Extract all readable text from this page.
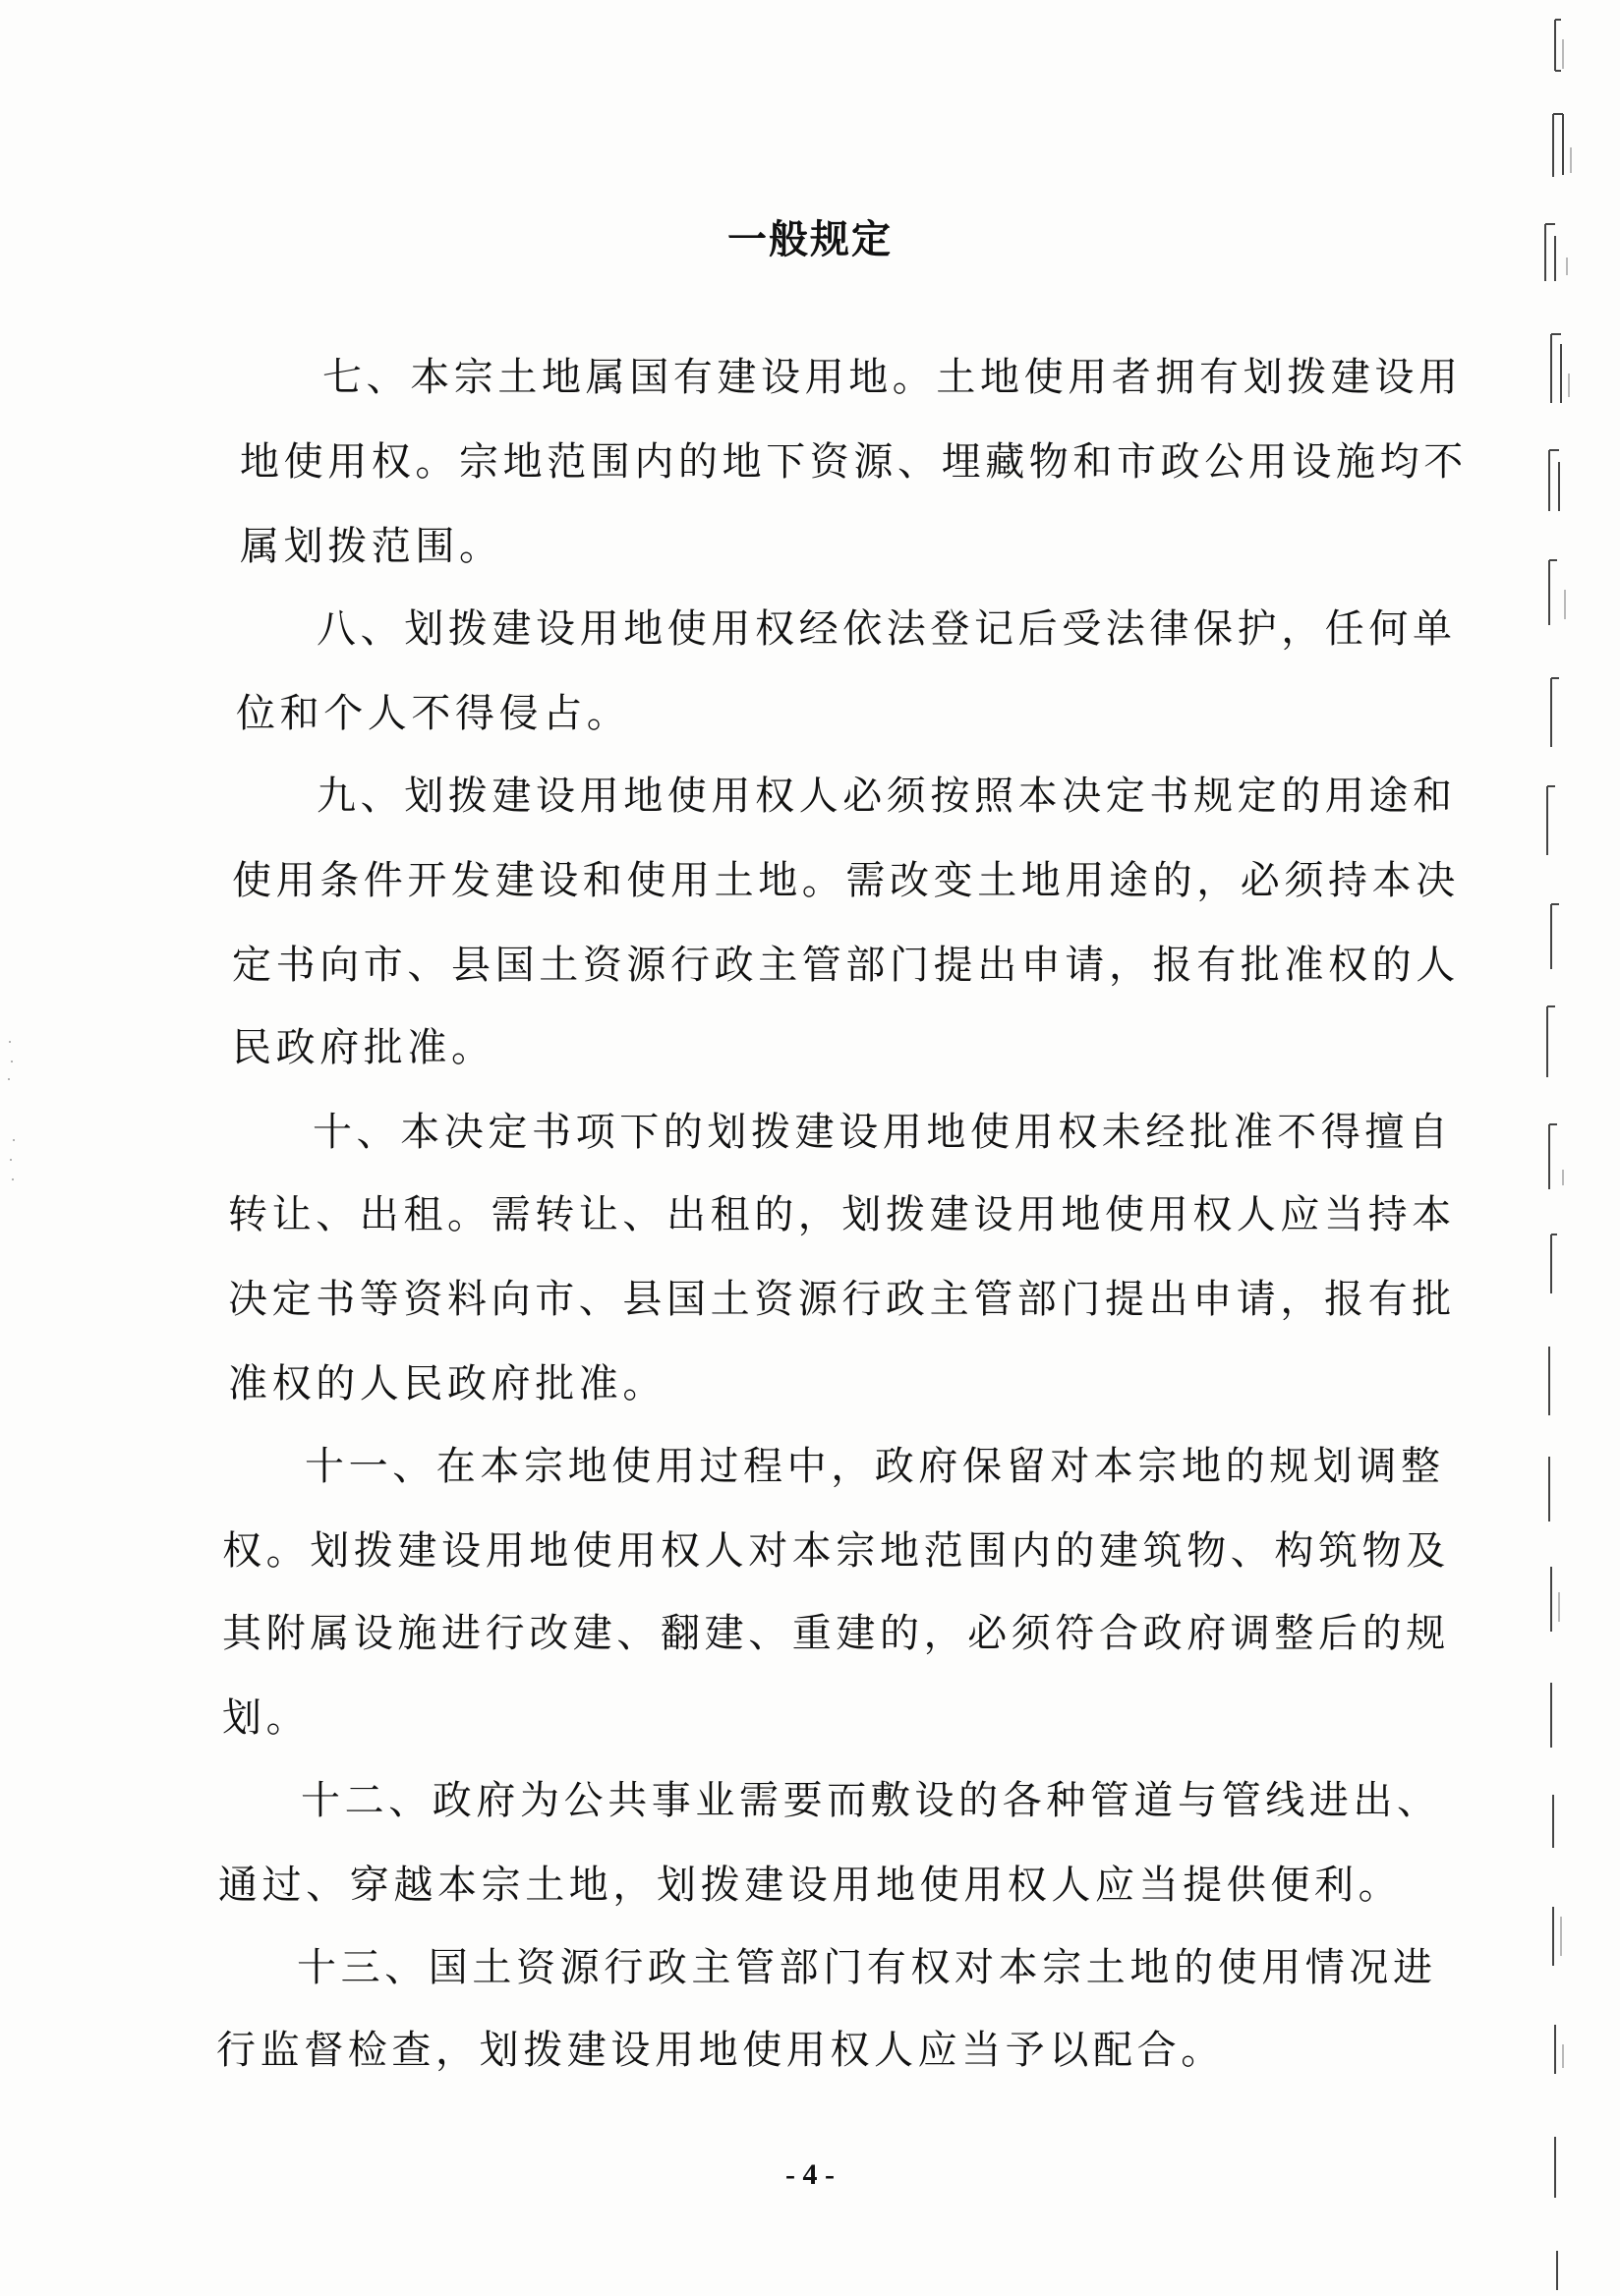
一般规定
七、本宗土地属国有建设用地。土地使用者拥有划拨建设用
地使用权。宗地范围内的地下资源、埋藏物和市政公用设施均不
属划拨范围。
八、划拨建设用地使用权经依法登记后受法律保护，任何单
位和个人不得侵占。
九、划拨建设用地使用权人必须按照本决定书规定的用途和
使用条件开发建设和使用土地。需改变土地用途的，必须持本决
定书向市、县国土资源行政主管部门提出申请，报有批准权的人
民政府批准。
十、本决定书项下的划拨建设用地使用权未经批准不得擅自
转让、出租。需转让、出租的，划拨建设用地使用权人应当持本
决定书等资料向市、县国土资源行政主管部门提出申请，报有批
准权的人民政府批准。
十一、在本宗地使用过程中，政府保留对本宗地的规划调整
权。划拨建设用地使用权人对本宗地范围内的建筑物、构筑物及
其附属设施进行改建、翻建、重建的，必须符合政府调整后的规
划。
十二、政府为公共事业需要而敷设的各种管道与管线进出、
通过、穿越本宗土地，划拨建设用地使用权人应当提供便利。
十三、国土资源行政主管部门有权对本宗土地的使用情况进
行监督检查，划拨建设用地使用权人应当予以配合。
- 4 -
